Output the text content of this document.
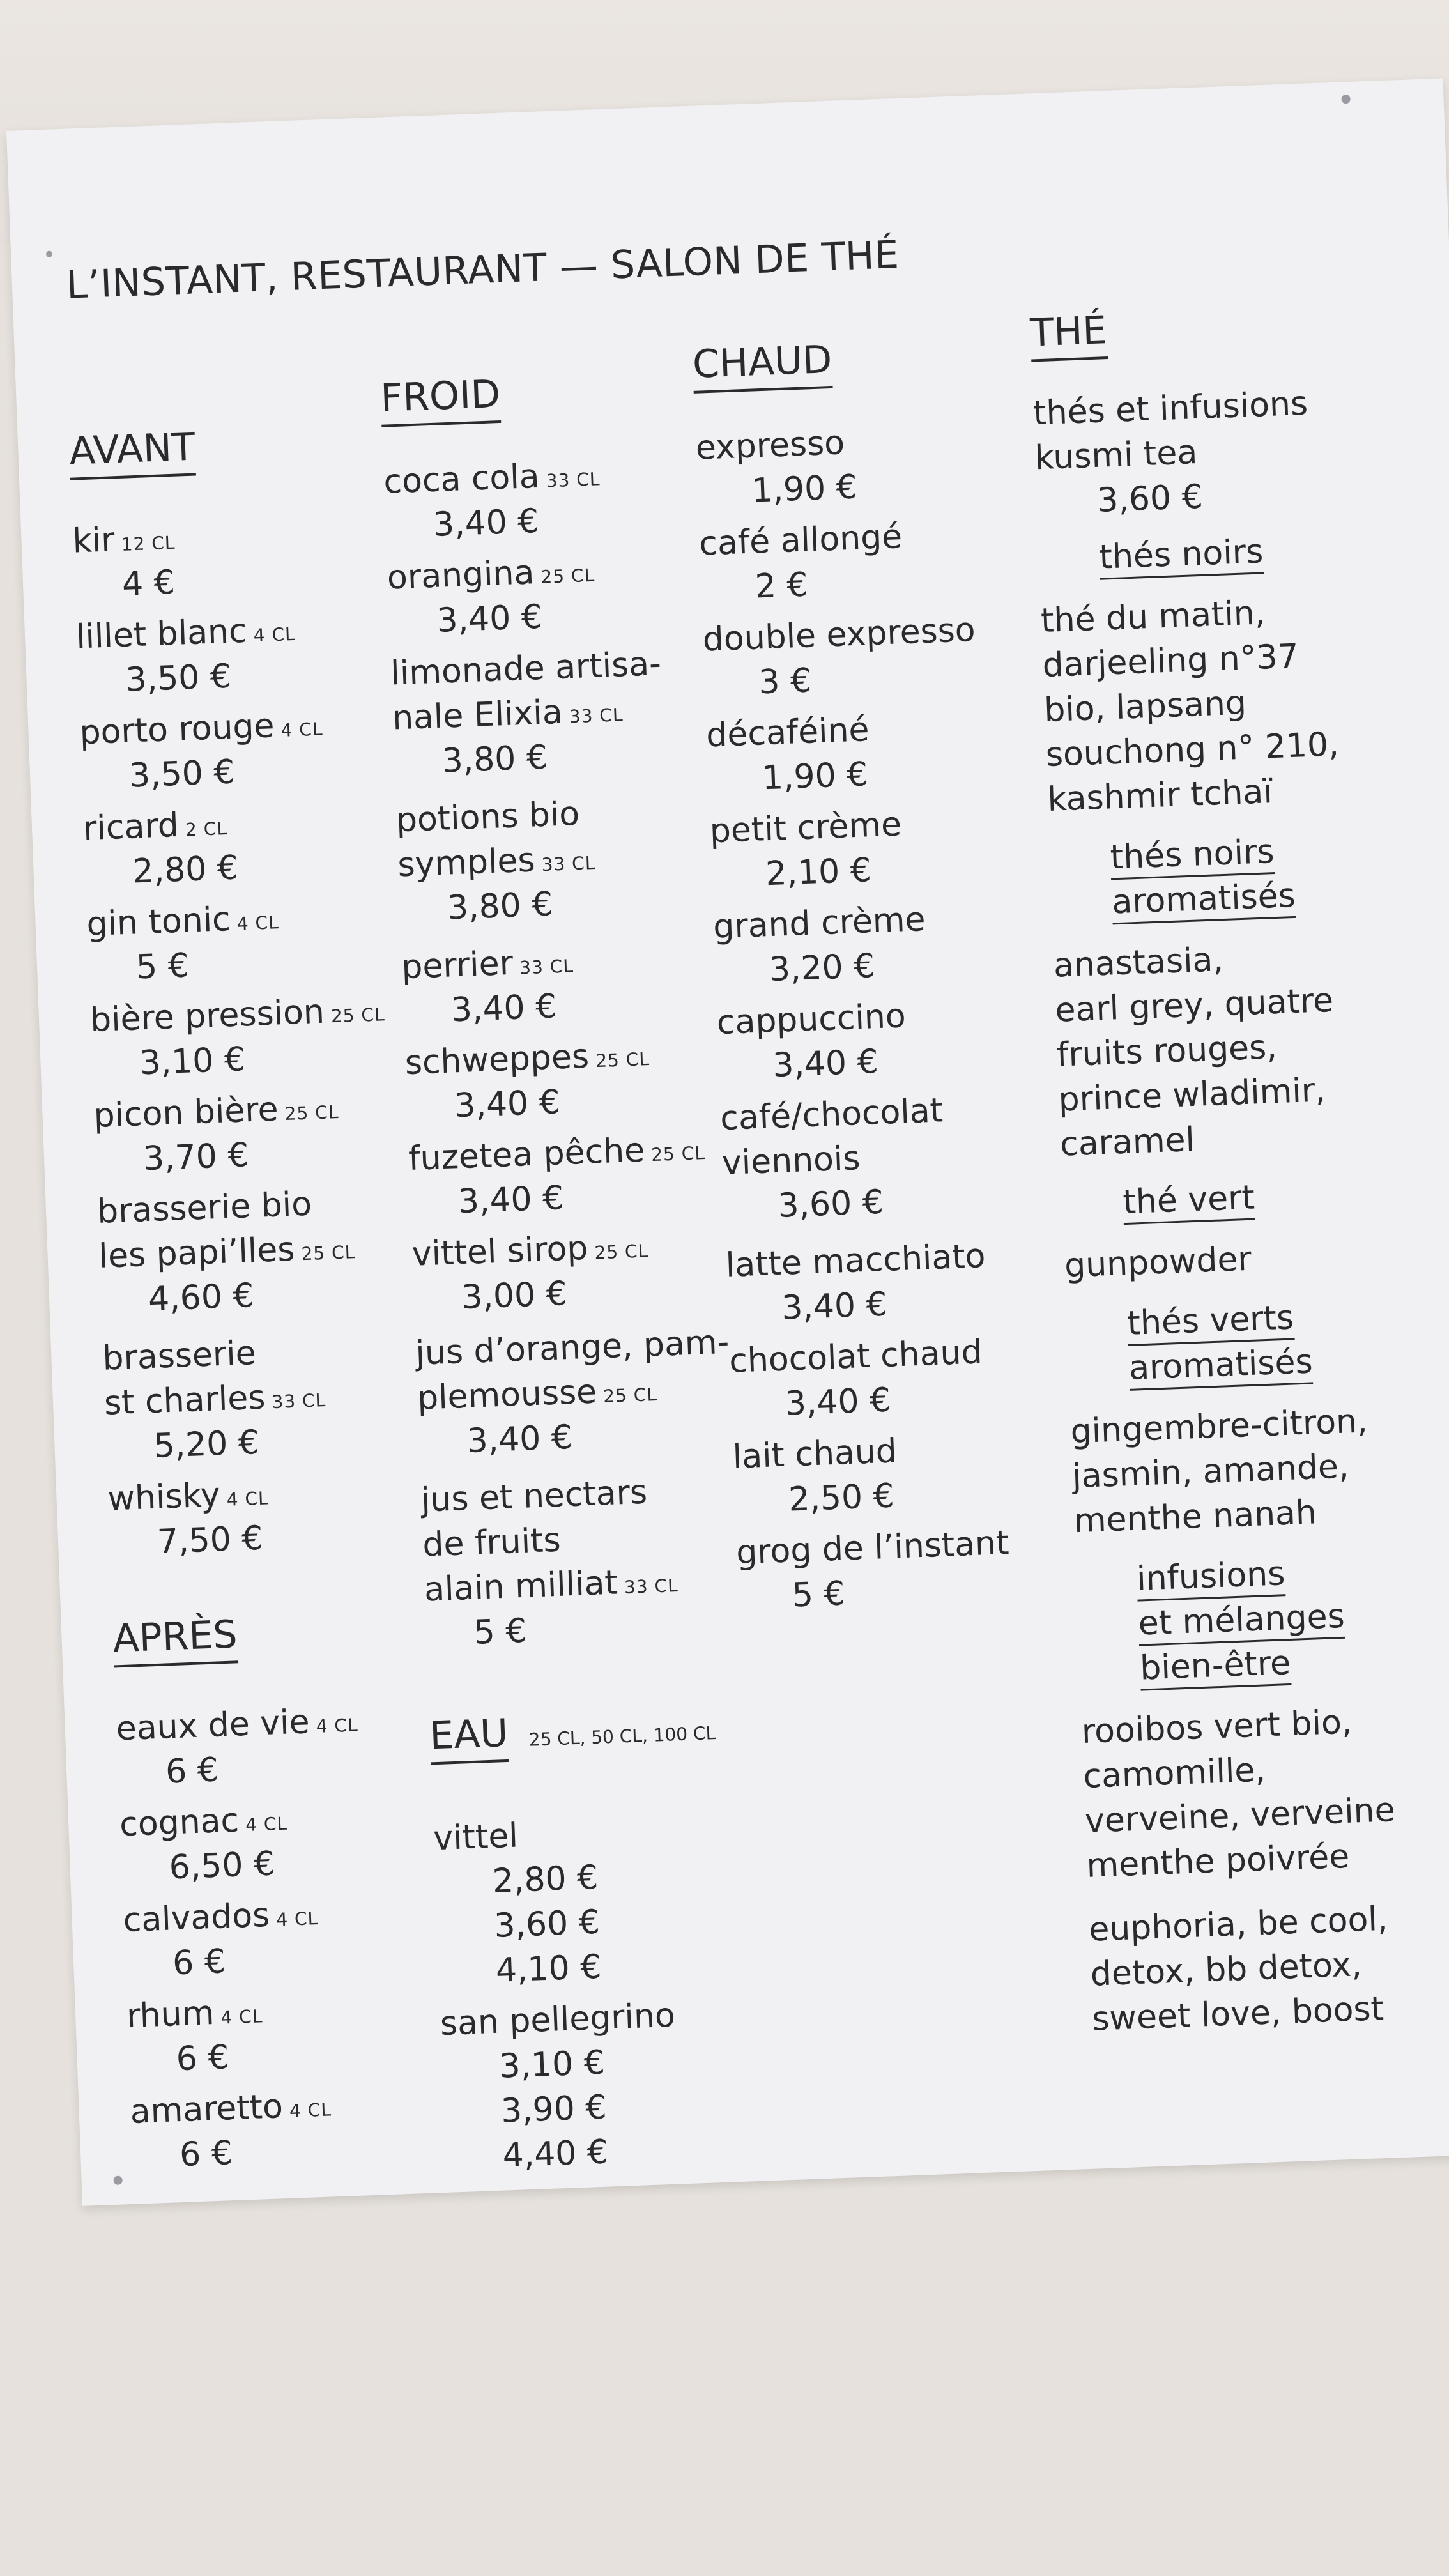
L’INSTANT, RESTAURANT — SALON DE THÉ
AVANT
kir 12 CL
4 €
lillet blanc 4 CL
3,50 €
porto rouge 4 CL
3,50 €
ricard 2 CL
2,80 €
gin tonic 4 CL
5 €
bière pression 25 CL
3,10 €
picon bière 25 CL
3,70 €
brasserie bio
les papi’lles 25 CL
4,60 €
brasserie
st charles 33 CL
5,20 €
whisky 4 CL
7,50 €
APRÈS
eaux de vie 4 CL
6 €
cognac 4 CL
6,50 €
calvados 4 CL
6 €
rhum 4 CL
6 €
amaretto 4 CL
6 €
FROID
coca cola 33 CL
3,40 €
orangina 25 CL
3,40 €
limonade artisa-
nale Elixia 33 CL
3,80 €
potions bio
symples 33 CL
3,80 €
perrier 33 CL
3,40 €
schweppes 25 CL
3,40 €
fuzetea pêche 25 CL
3,40 €
vittel sirop 25 CL
3,00 €
jus d’orange, pam-
plemousse 25 CL
3,40 €
jus et nectars
de fruits
alain milliat 33 CL
5 €
EAU 25 CL, 50 CL, 100 CL
vittel
2,80 €
3,60 €
4,10 €
san pellegrino
3,10 €
3,90 €
4,40 €
CHAUD
expresso
1,90 €
café allongé
2 €
double expresso
3 €
décaféiné
1,90 €
petit crème
2,10 €
grand crème
3,20 €
cappuccino
3,40 €
café/chocolat
viennois
3,60 €
latte macchiato
3,40 €
chocolat chaud
3,40 €
lait chaud
2,50 €
grog de l’instant
5 €
THÉ
thés et infusions
kusmi tea
3,60 €
thés noirs
thé du matin,
darjeeling n°37
bio, lapsang
souchong n° 210,
kashmir tchaï
thés noirs
aromatisés
anastasia,
earl grey, quatre
fruits rouges,
prince wladimir,
caramel
thé vert
gunpowder
thés verts
aromatisés
gingembre-citron,
jasmin, amande,
menthe nanah
infusions
et mélanges
bien-être
rooibos vert bio,
camomille,
verveine, verveine
menthe poivrée
euphoria, be cool,
detox, bb detox,
sweet love, boost
